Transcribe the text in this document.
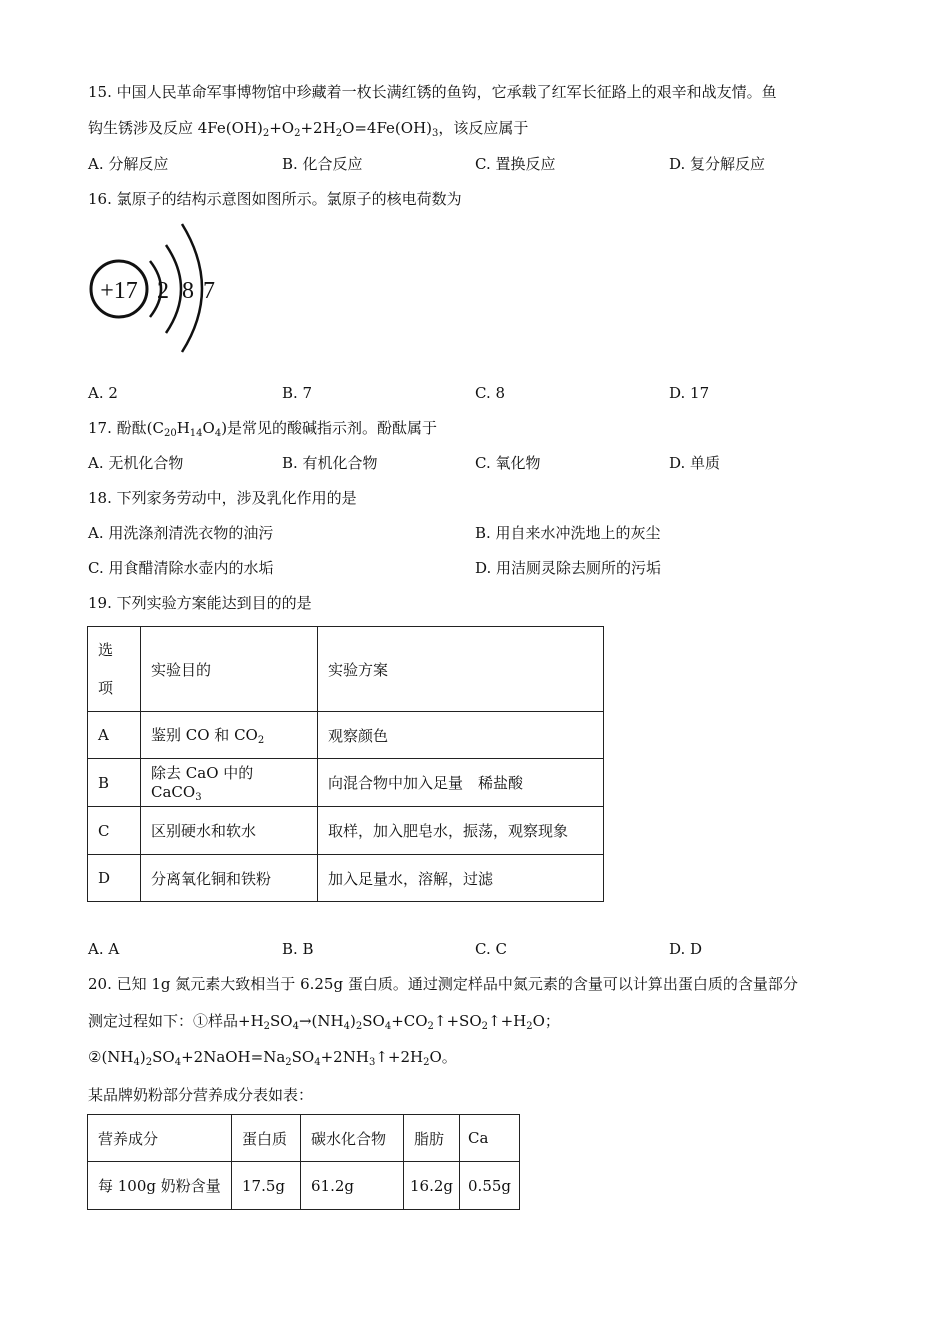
15. 中国人民革命军事博物馆中珍藏着一枚长满红锈的鱼钩，它承载了红军长征路上的艰辛和战友情。鱼
钩生锈涉及反应 $4Fe(OH)_2+O_2+2H_2O=4Fe(OH)_3$，该反应属于
A. 分解反应	B. 化合反应	C. 置换反应	D. 复分解反应
16. 氯原子的结构示意图如图所示。氯原子的核电荷数为
+17 2 8 7
A. 2	B. 7	C. 8	D. 17
17. 酚酞$(C_{20}H_{14}O_4)$是常见的酸碱指示剂。酚酞属于
A. 无机化合物	B. 有机化合物	C. 氧化物	D. 单质
18. 下列家务劳动中，涉及乳化作用的是
A. 用洗涤剂清洗衣物的油污	B. 用自来水冲洗地上的灰尘
C. 用食醋清除水壶内的水垢	D. 用洁厕灵除去厕所的污垢
19. 下列实验方案能达到目的的是
选
项	实验目的	实验方案
A	鉴别 CO 和 $CO_2$	观察颜色
B	除去 CaO 中的 CaCO$_3$	向混合物中加入足量　稀盐酸
C	区别硬水和软水	取样，加入肥皂水，振荡，观察现象
D	分离氧化铜和铁粉	加入足量水，溶解，过滤
A. A	B. B	C. C	D. D
20. 已知 1g 氮元素大致相当于 6.25g 蛋白质。通过测定样品中氮元素的含量可以计算出蛋白质的含量部分
测定过程如下：①样品$+H_2SO_4\to(NH_4)_2SO_4+CO_2↑+SO_2↑+H_2O$；
$②(NH_4)_2SO_4+2NaOH=Na_2SO_4+2NH_3↑+2H_2O$。
某品牌奶粉部分营养成分表如表：
营养成分	蛋白质	碳水化合物	脂肪	Ca
每 100g 奶粉含量	17.5g	61.2g	16.2g	0.55g
